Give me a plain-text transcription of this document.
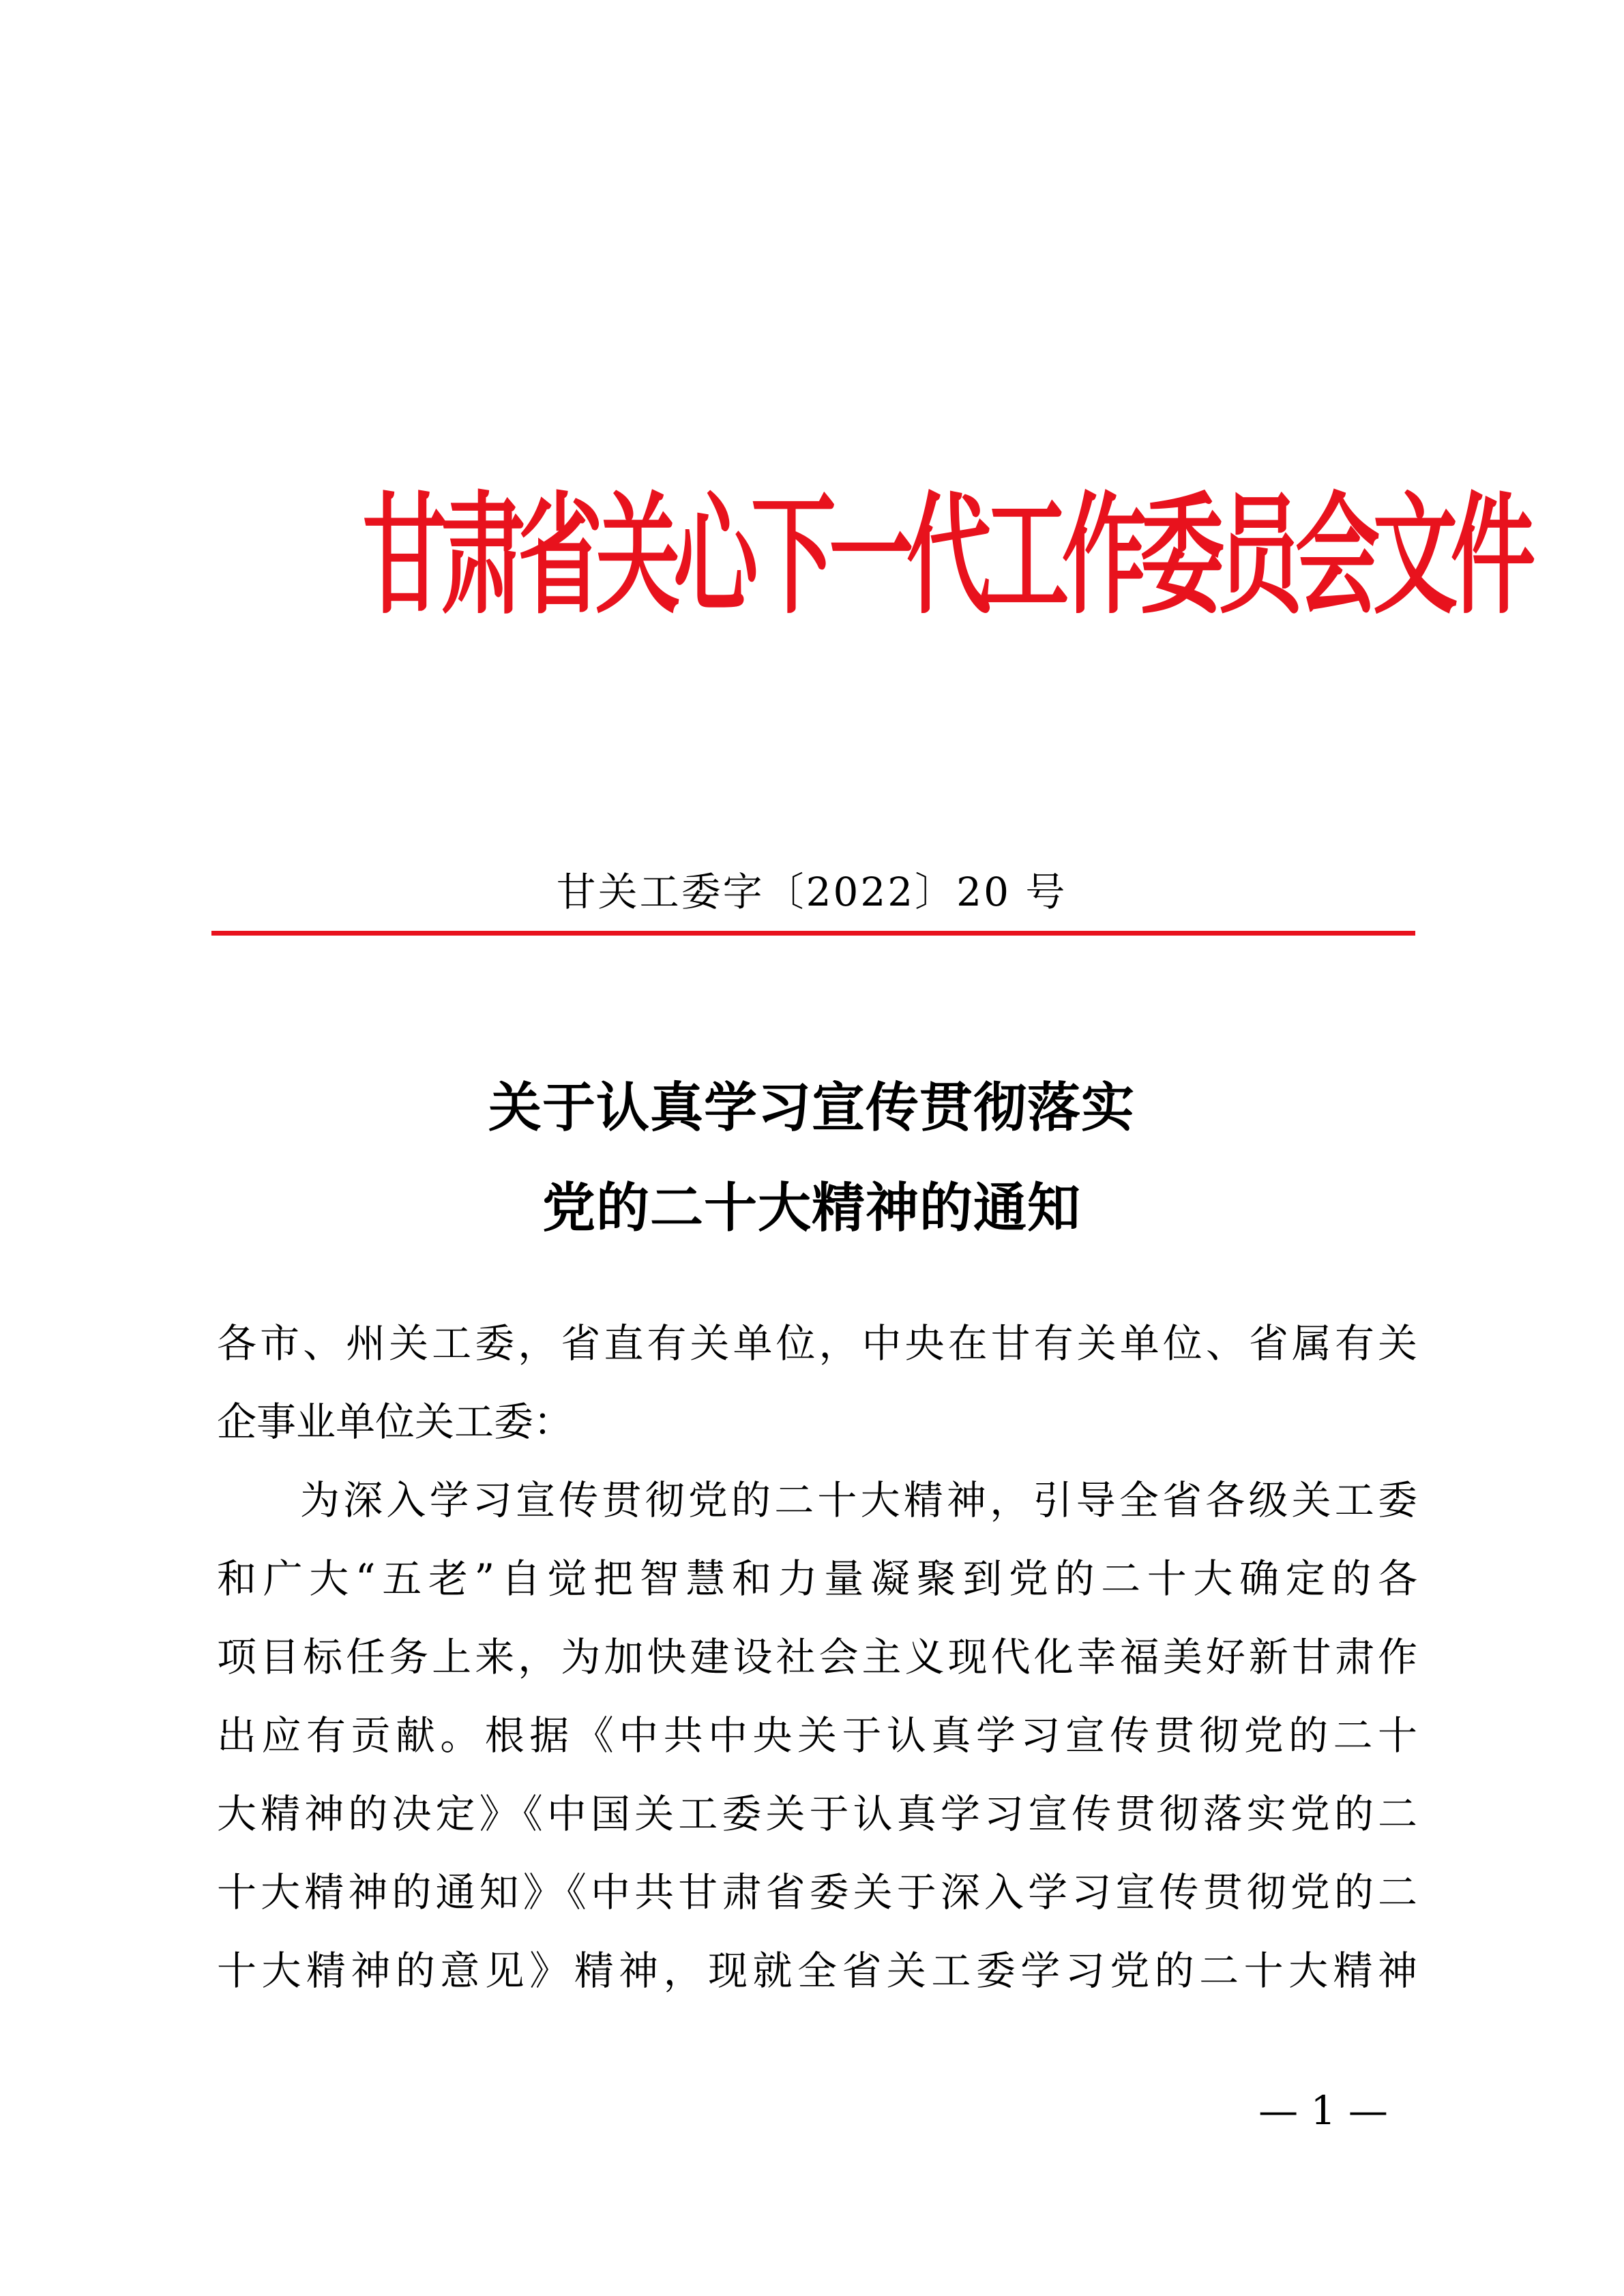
甘肃省关心下一代工作委员会文件
甘关工委字〔2022〕20 号
关于认真学习宣传贯彻落实
党的二十大精神的通知
各市、州关工委，省直有关单位，中央在甘有关单位、省属有关
企事业单位关工委：
为深入学习宣传贯彻党的二十大精神，引导全省各级关工委
和广大“五老”自觉把智慧和力量凝聚到党的二十大确定的各
项目标任务上来，为加快建设社会主义现代化幸福美好新甘肃作
出应有贡献。根据《中共中央关于认真学习宣传贯彻党的二十
大精神的决定》《中国关工委关于认真学习宣传贯彻落实党的二
十大精神的通知》《中共甘肃省委关于深入学习宣传贯彻党的二
十大精神的意见》精神，现就全省关工委学习党的二十大精神
— 1 —
